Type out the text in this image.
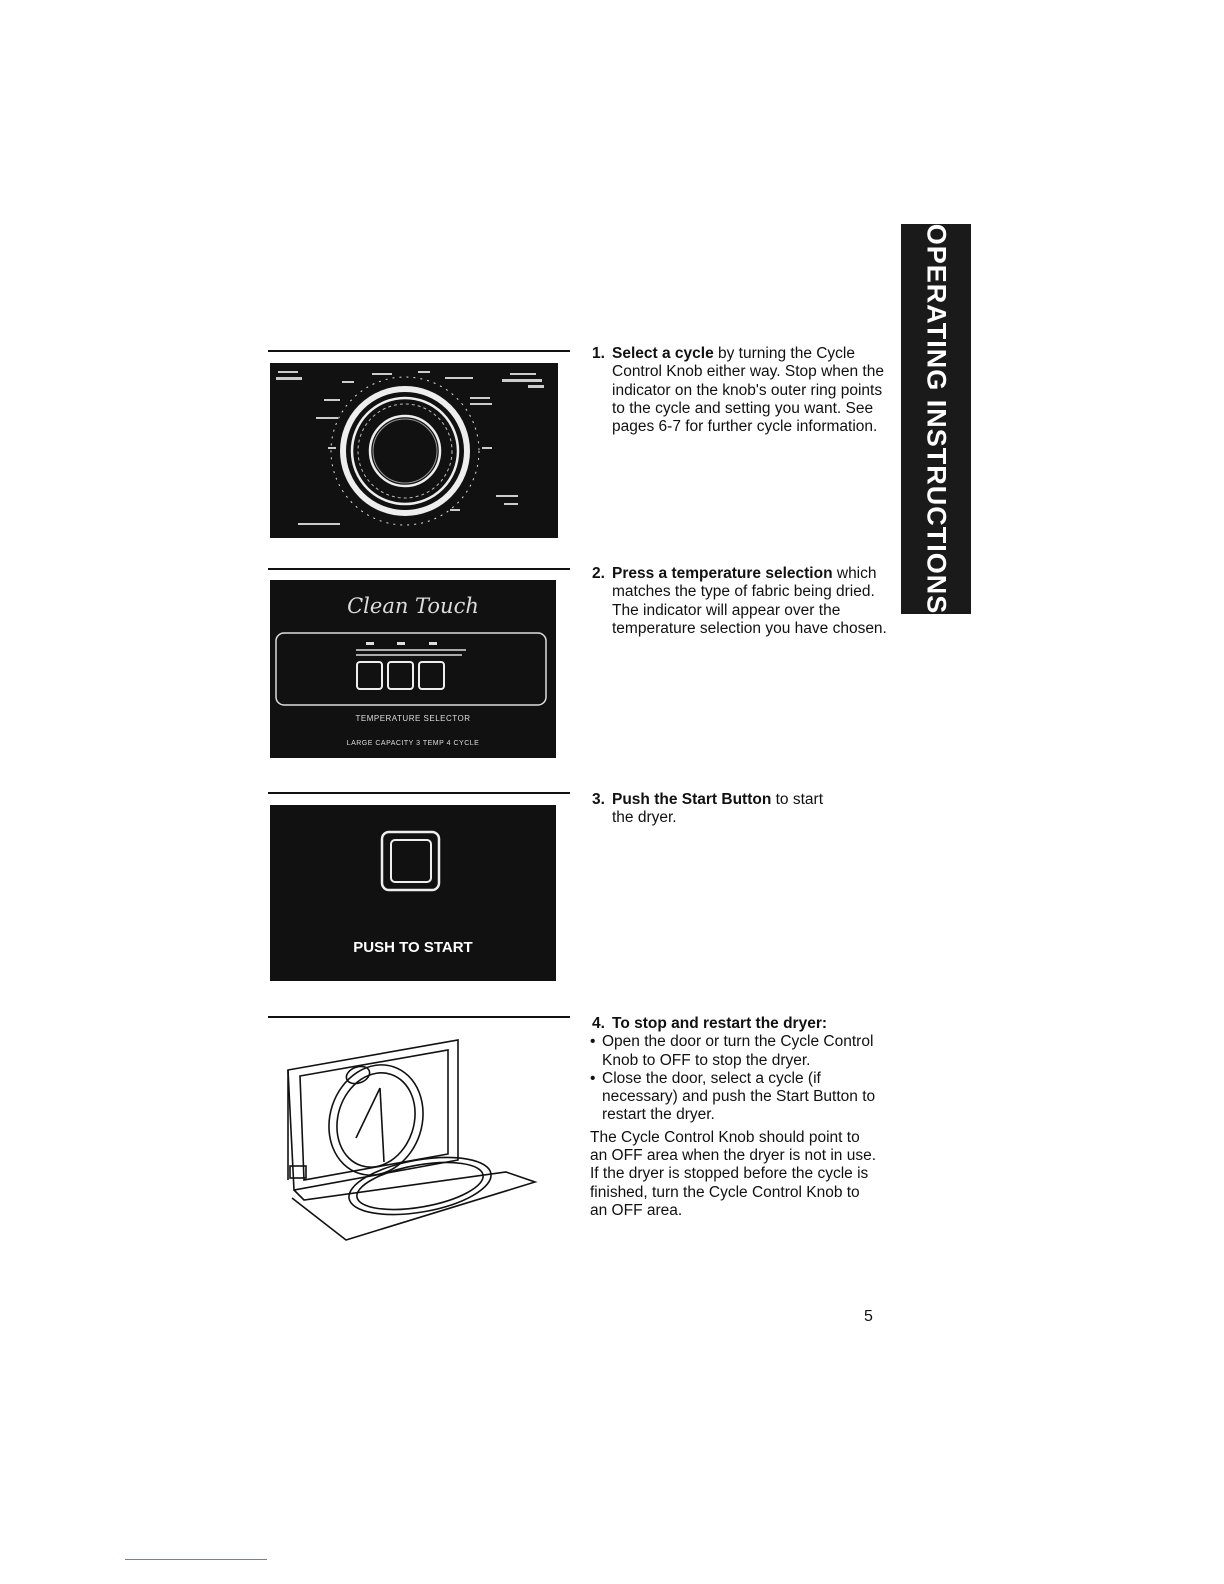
OPERATING INSTRUCTIONS
Clean Touch
TEMPERATURE SELECTOR
LARGE CAPACITY 3 TEMP 4 CYCLE
PUSH TO START
1. Select a cycle by turning the Cycle Control Knob either way. Stop when the indicator on the knob's outer ring points to the cycle and setting you want. See pages 6-7 for further cycle information.
2. Press a temperature selection which matches the type of fabric being dried. The indicator will appear over the temperature selection you have chosen.
3. Push the Start Button to start the dryer.
4. To stop and restart the dryer:
• Open the door or turn the Cycle Control Knob to OFF to stop the dryer.
• Close the door, select a cycle (if necessary) and push the Start Button to restart the dryer.
The Cycle Control Knob should point to an OFF area when the dryer is not in use. If the dryer is stopped before the cycle is finished, turn the Cycle Control Knob to an OFF area.
5
